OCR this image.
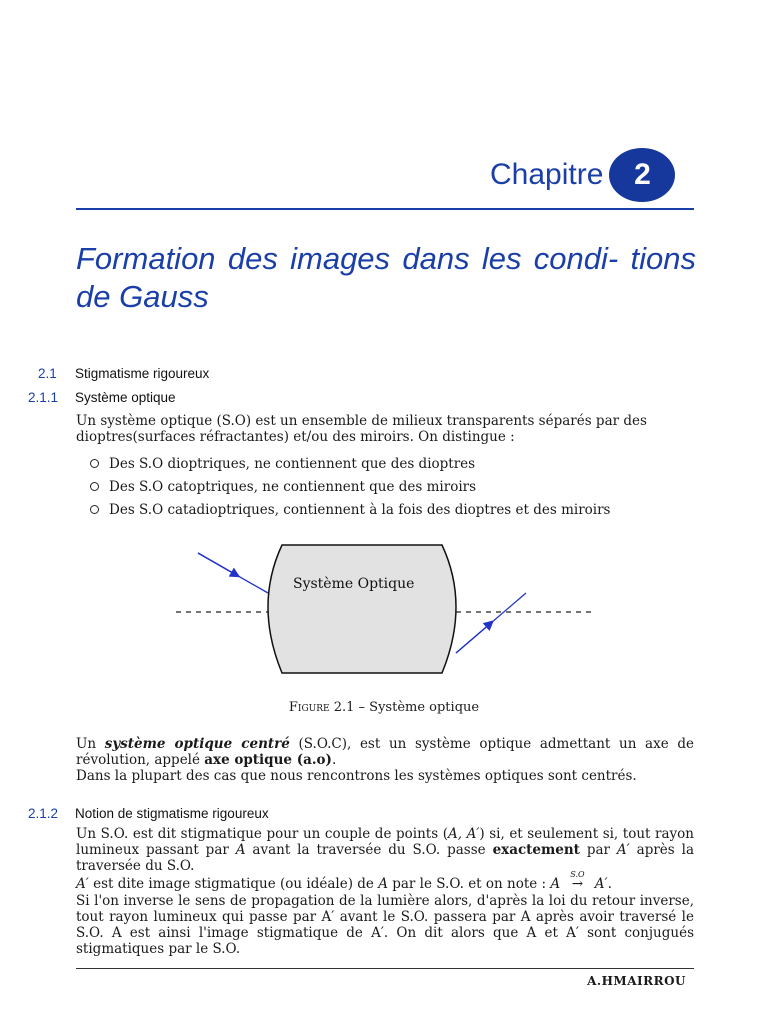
Chapitre	2
Formation des images dans les condi- tions de Gauss
2.1 Stigmatisme rigoureux
2.1.1 Système optique

Un système optique (S.O) est un ensemble de milieux transparents séparés par des dioptres(surfaces réfractantes) et/ou des miroirs. On distingue :

Des S.O dioptriques, ne contiennent que des dioptres
Des S.O catoptriques, ne contiennent que des miroirs
Des S.O catadioptriques, contiennent à la fois des dioptres et des miroirs
Système Optique
Figure 2.1 – Système optique

Un système optique centré (S.O.C), est un système optique admettant un axe de révolution, appelé axe optique (a.o).

Dans la plupart des cas que nous rencontrons les systèmes optiques sont centrés.

2.1.2 Notion de stigmatisme rigoureux

Un S.O. est dit stigmatique pour un couple de points (A, A′) si, et seulement si, tout rayon lumineux passant par A avant la traversée du S.O. passe exactement par A′ après la traversée du S.O.

A′ est dite image stigmatique (ou idéale) de A par le S.O. et on note : A
S.O
→ A′.

Si l'on inverse le sens de propagation de la lumière alors, d'après la loi du retour inverse, tout rayon lumineux qui passe par A′ avant le S.O. passera par A après avoir traversé le S.O. A est ainsi l'image stigmatique de A′. On dit alors que A et A′ sont conjugués stigmatiques par le S.O.

A.HMAIRROU
